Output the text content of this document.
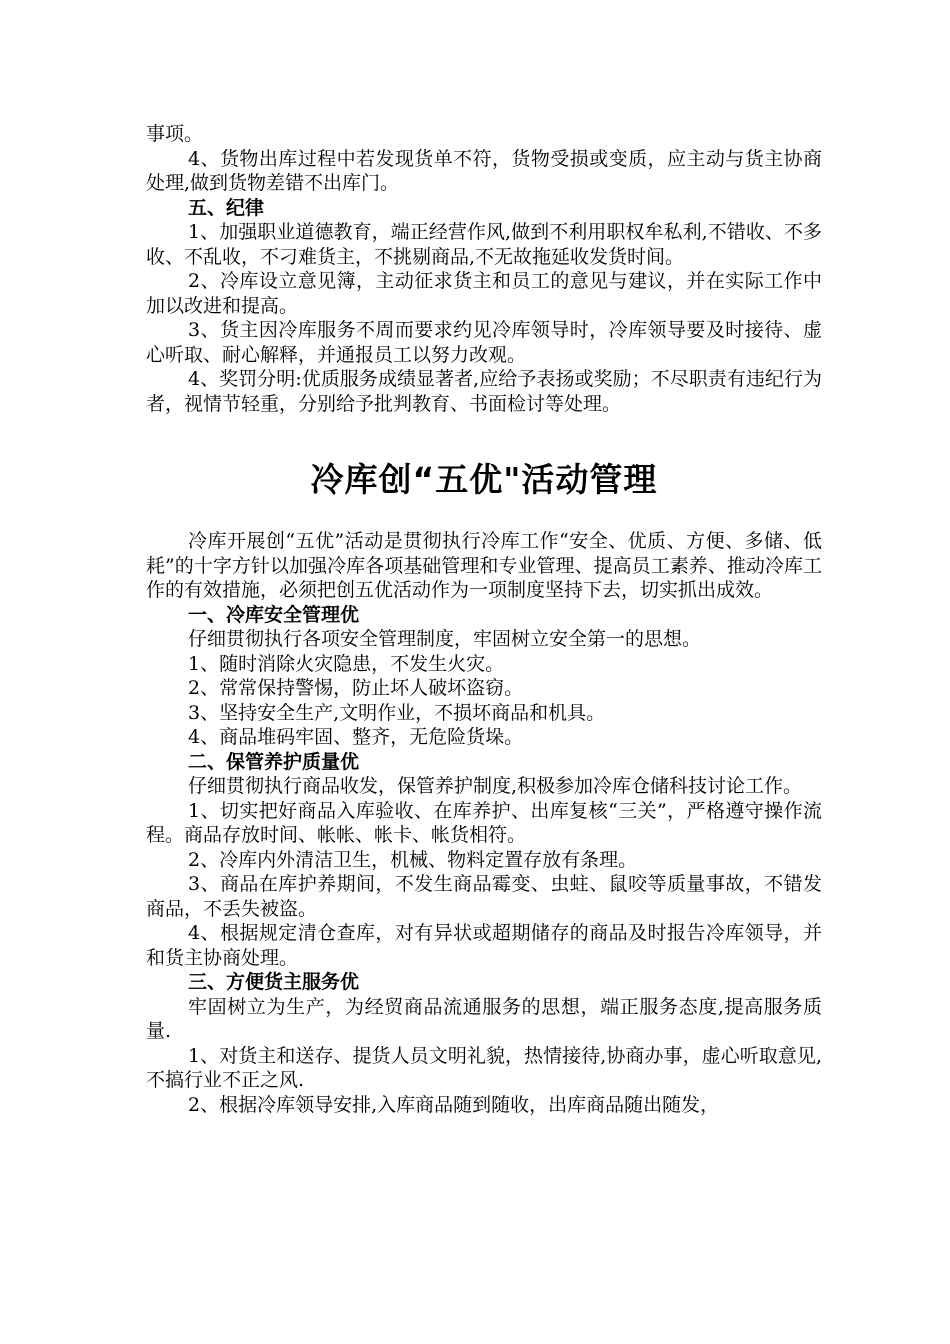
事项。

4、货物出库过程中若发现货单不符，货物受损或变质，应主动与货主协商处理,做到货物差错不出库门。

五、纪律

1、加强职业道德教育，端正经营作风,做到不利用职权牟私利,不错收、不多收、不乱收，不刁难货主，不挑剔商品,不无故拖延收发货时间。

2、冷库设立意见簿，主动征求货主和员工的意见与建议，并在实际工作中加以改进和提高。

3、货主因冷库服务不周而要求约见冷库领导时，冷库领导要及时接待、虚心听取、耐心解释，并通报员工以努力改观。

4、奖罚分明:优质服务成绩显著者,应给予表扬或奖励；不尽职责有违纪行为者，视情节轻重，分别给予批判教育、书面检讨等处理。

冷库创“五优"活动管理

冷库开展创“五优”活动是贯彻执行冷库工作“安全、优质、方便、多储、低耗”的十字方针以加强冷库各项基础管理和专业管理、提高员工素养、推动冷库工作的有效措施，必须把创五优活动作为一项制度坚持下去，切实抓出成效。

一、冷库安全管理优

仔细贯彻执行各项安全管理制度，牢固树立安全第一的思想。

1、随时消除火灾隐患，不发生火灾。

2、常常保持警惕，防止坏人破坏盗窃。

3、坚持安全生产,文明作业，不损坏商品和机具。

4、商品堆码牢固、整齐，无危险货垛。

二、保管养护质量优

仔细贯彻执行商品收发，保管养护制度,积极参加冷库仓储科技讨论工作。

1、切实把好商品入库验收、在库养护、出库复核“三关”，严格遵守操作流程。商品存放时间、帐帐、帐卡、帐货相符。

2、冷库内外清洁卫生，机械、物料定置存放有条理。

3、商品在库护养期间，不发生商品霉变、虫蛀、鼠咬等质量事故，不错发商品，不丢失被盗。

4、根据规定清仓查库，对有异状或超期储存的商品及时报告冷库领导，并和货主协商处理。

三、方便货主服务优

牢固树立为生产，为经贸商品流通服务的思想，端正服务态度,提高服务质量.

1、对货主和送存、提货人员文明礼貌，热情接待,协商办事，虚心听取意见,不搞行业不正之风.

2、根据冷库领导安排,入库商品随到随收，出库商品随出随发，
